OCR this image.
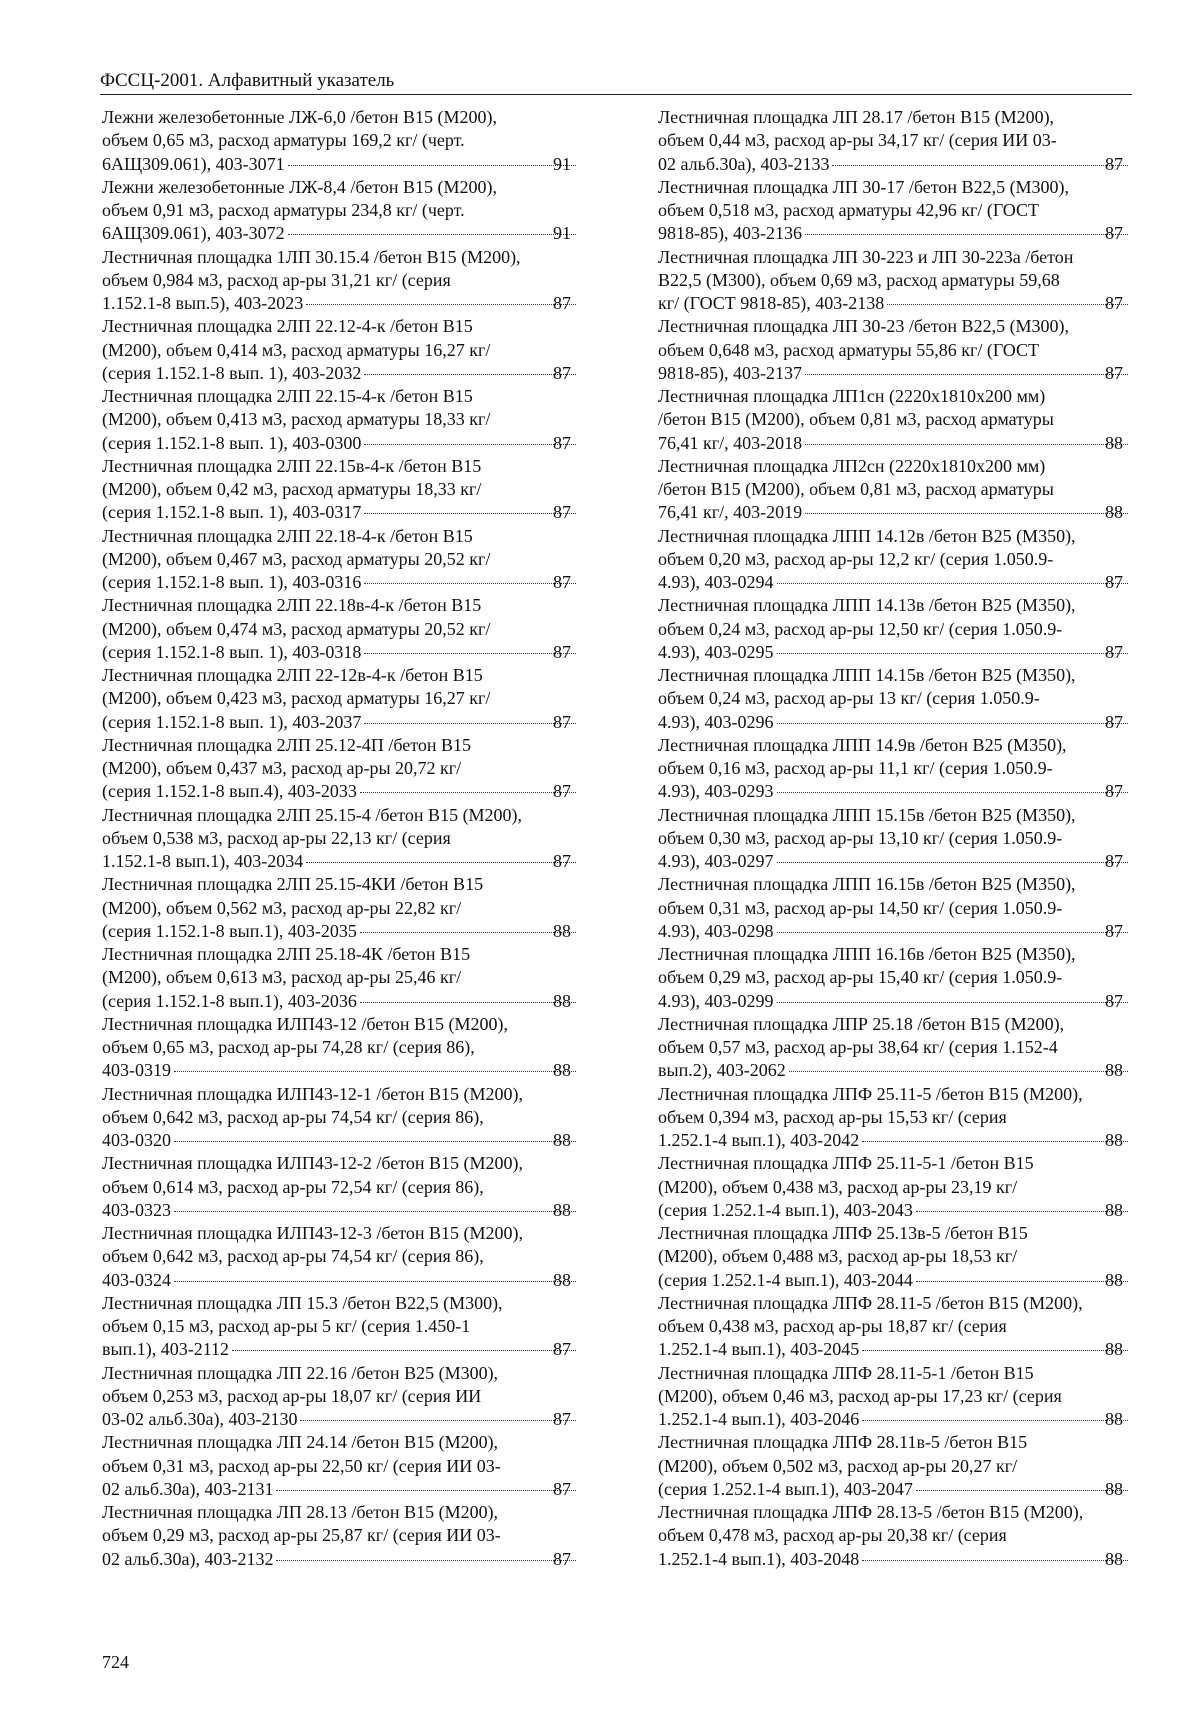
ФССЦ-2001. Алфавитный указатель
Лежни железобетонные ЛЖ-6,0 /бетон В15 (М200),
объем 0,65 м3, расход арматуры 169,2 кг/ (черт.
6АЩ309.061), 403-3071	91
Лежни железобетонные ЛЖ-8,4 /бетон В15 (М200),
объем 0,91 м3, расход арматуры 234,8 кг/ (черт.
6АЩ309.061), 403-3072	91
Лестничная площадка 1ЛП 30.15.4 /бетон В15 (М200),
объем 0,984 м3, расход ар-ры 31,21 кг/ (серия
1.152.1-8 вып.5), 403-2023	87
Лестничная площадка 2ЛП 22.12-4-к /бетон В15
(М200), объем 0,414 м3, расход арматуры 16,27 кг/
(серия 1.152.1-8 вып. 1), 403-2032	87
Лестничная площадка 2ЛП 22.15-4-к /бетон В15
(М200), объем 0,413 м3, расход арматуры 18,33 кг/
(серия 1.152.1-8 вып. 1), 403-0300	87
Лестничная площадка 2ЛП 22.15в-4-к /бетон В15
(М200), объем 0,42 м3, расход арматуры 18,33 кг/
(серия 1.152.1-8 вып. 1), 403-0317	87
Лестничная площадка 2ЛП 22.18-4-к /бетон В15
(М200), объем 0,467 м3, расход арматуры 20,52 кг/
(серия 1.152.1-8 вып. 1), 403-0316	87
Лестничная площадка 2ЛП 22.18в-4-к /бетон В15
(М200), объем 0,474 м3, расход арматуры 20,52 кг/
(серия 1.152.1-8 вып. 1), 403-0318	87
Лестничная площадка 2ЛП 22-12в-4-к /бетон В15
(М200), объем 0,423 м3, расход арматуры 16,27 кг/
(серия 1.152.1-8 вып. 1), 403-2037	87
Лестничная площадка 2ЛП 25.12-4П /бетон В15
(М200), объем 0,437 м3, расход ар-ры 20,72 кг/
(серия 1.152.1-8 вып.4), 403-2033	87
Лестничная площадка 2ЛП 25.15-4 /бетон В15 (М200),
объем 0,538 м3, расход ар-ры 22,13 кг/ (серия
1.152.1-8 вып.1), 403-2034	87
Лестничная площадка 2ЛП 25.15-4КИ /бетон В15
(М200), объем 0,562 м3, расход ар-ры 22,82 кг/
(серия 1.152.1-8 вып.1), 403-2035	88
Лестничная площадка 2ЛП 25.18-4К /бетон В15
(М200), объем 0,613 м3, расход ар-ры 25,46 кг/
(серия 1.152.1-8 вып.1), 403-2036	88
Лестничная площадка ИЛП43-12 /бетон В15 (М200),
объем 0,65 м3, расход ар-ры 74,28 кг/ (серия 86),
403-0319	88
Лестничная площадка ИЛП43-12-1 /бетон В15 (М200),
объем 0,642 м3, расход ар-ры 74,54 кг/ (серия 86),
403-0320	88
Лестничная площадка ИЛП43-12-2 /бетон В15 (М200),
объем 0,614 м3, расход ар-ры 72,54 кг/ (серия 86),
403-0323	88
Лестничная площадка ИЛП43-12-3 /бетон В15 (М200),
объем 0,642 м3, расход ар-ры 74,54 кг/ (серия 86),
403-0324	88
Лестничная площадка ЛП 15.3 /бетон В22,5 (М300),
объем 0,15 м3, расход ар-ры 5 кг/ (серия 1.450-1
вып.1), 403-2112	87
Лестничная площадка ЛП 22.16 /бетон В25 (М300),
объем 0,253 м3, расход ар-ры 18,07 кг/ (серия ИИ
03-02 альб.30а), 403-2130	87
Лестничная площадка ЛП 24.14 /бетон В15 (М200),
объем 0,31 м3, расход ар-ры 22,50 кг/ (серия ИИ 03-
02 альб.30а), 403-2131	87
Лестничная площадка ЛП 28.13 /бетон В15 (М200),
объем 0,29 м3, расход ар-ры 25,87 кг/ (серия ИИ 03-
02 альб.30а), 403-2132	87
Лестничная площадка ЛП 28.17 /бетон В15 (М200),
объем 0,44 м3, расход ар-ры 34,17 кг/ (серия ИИ 03-
02 альб.30а), 403-2133	87
Лестничная площадка ЛП 30-17 /бетон В22,5 (М300),
объем 0,518 м3, расход арматуры 42,96 кг/ (ГОСТ
9818-85), 403-2136	87
Лестничная площадка ЛП 30-223 и ЛП 30-223а /бетон
В22,5 (М300), объем 0,69 м3, расход арматуры 59,68
кг/ (ГОСТ 9818-85), 403-2138	87
Лестничная площадка ЛП 30-23 /бетон В22,5 (М300),
объем 0,648 м3, расход арматуры 55,86 кг/ (ГОСТ
9818-85), 403-2137	87
Лестничная площадка ЛП1сн (2220х1810х200 мм)
/бетон В15 (М200), объем 0,81 м3, расход арматуры
76,41 кг/, 403-2018	88
Лестничная площадка ЛП2сн (2220х1810х200 мм)
/бетон В15 (М200), объем 0,81 м3, расход арматуры
76,41 кг/, 403-2019	88
Лестничная площадка ЛПП 14.12в /бетон В25 (М350),
объем 0,20 м3, расход ар-ры 12,2 кг/ (серия 1.050.9-
4.93), 403-0294	87
Лестничная площадка ЛПП 14.13в /бетон В25 (М350),
объем 0,24 м3, расход ар-ры 12,50 кг/ (серия 1.050.9-
4.93), 403-0295	87
Лестничная площадка ЛПП 14.15в /бетон В25 (М350),
объем 0,24 м3, расход ар-ры 13 кг/ (серия 1.050.9-
4.93), 403-0296	87
Лестничная площадка ЛПП 14.9в /бетон В25 (М350),
объем 0,16 м3, расход ар-ры 11,1 кг/ (серия 1.050.9-
4.93), 403-0293	87
Лестничная площадка ЛПП 15.15в /бетон В25 (М350),
объем 0,30 м3, расход ар-ры 13,10 кг/ (серия 1.050.9-
4.93), 403-0297	87
Лестничная площадка ЛПП 16.15в /бетон В25 (М350),
объем 0,31 м3, расход ар-ры 14,50 кг/ (серия 1.050.9-
4.93), 403-0298	87
Лестничная площадка ЛПП 16.16в /бетон В25 (М350),
объем 0,29 м3, расход ар-ры 15,40 кг/ (серия 1.050.9-
4.93), 403-0299	87
Лестничная площадка ЛПР 25.18 /бетон В15 (М200),
объем 0,57 м3, расход ар-ры 38,64 кг/ (серия 1.152-4
вып.2), 403-2062	88
Лестничная площадка ЛПФ 25.11-5 /бетон В15 (М200),
объем 0,394 м3, расход ар-ры 15,53 кг/ (серия
1.252.1-4 вып.1), 403-2042	88
Лестничная площадка ЛПФ 25.11-5-1 /бетон В15
(М200), объем 0,438 м3, расход ар-ры 23,19 кг/
(серия 1.252.1-4 вып.1), 403-2043	88
Лестничная площадка ЛПФ 25.13в-5 /бетон В15
(М200), объем 0,488 м3, расход ар-ры 18,53 кг/
(серия 1.252.1-4 вып.1), 403-2044	88
Лестничная площадка ЛПФ 28.11-5 /бетон В15 (М200),
объем 0,438 м3, расход ар-ры 18,87 кг/ (серия
1.252.1-4 вып.1), 403-2045	88
Лестничная площадка ЛПФ 28.11-5-1 /бетон В15
(М200), объем 0,46 м3, расход ар-ры 17,23 кг/ (серия
1.252.1-4 вып.1), 403-2046	88
Лестничная площадка ЛПФ 28.11в-5 /бетон В15
(М200), объем 0,502 м3, расход ар-ры 20,27 кг/
(серия 1.252.1-4 вып.1), 403-2047	88
Лестничная площадка ЛПФ 28.13-5 /бетон В15 (М200),
объем 0,478 м3, расход ар-ры 20,38 кг/ (серия
1.252.1-4 вып.1), 403-2048	88
724
